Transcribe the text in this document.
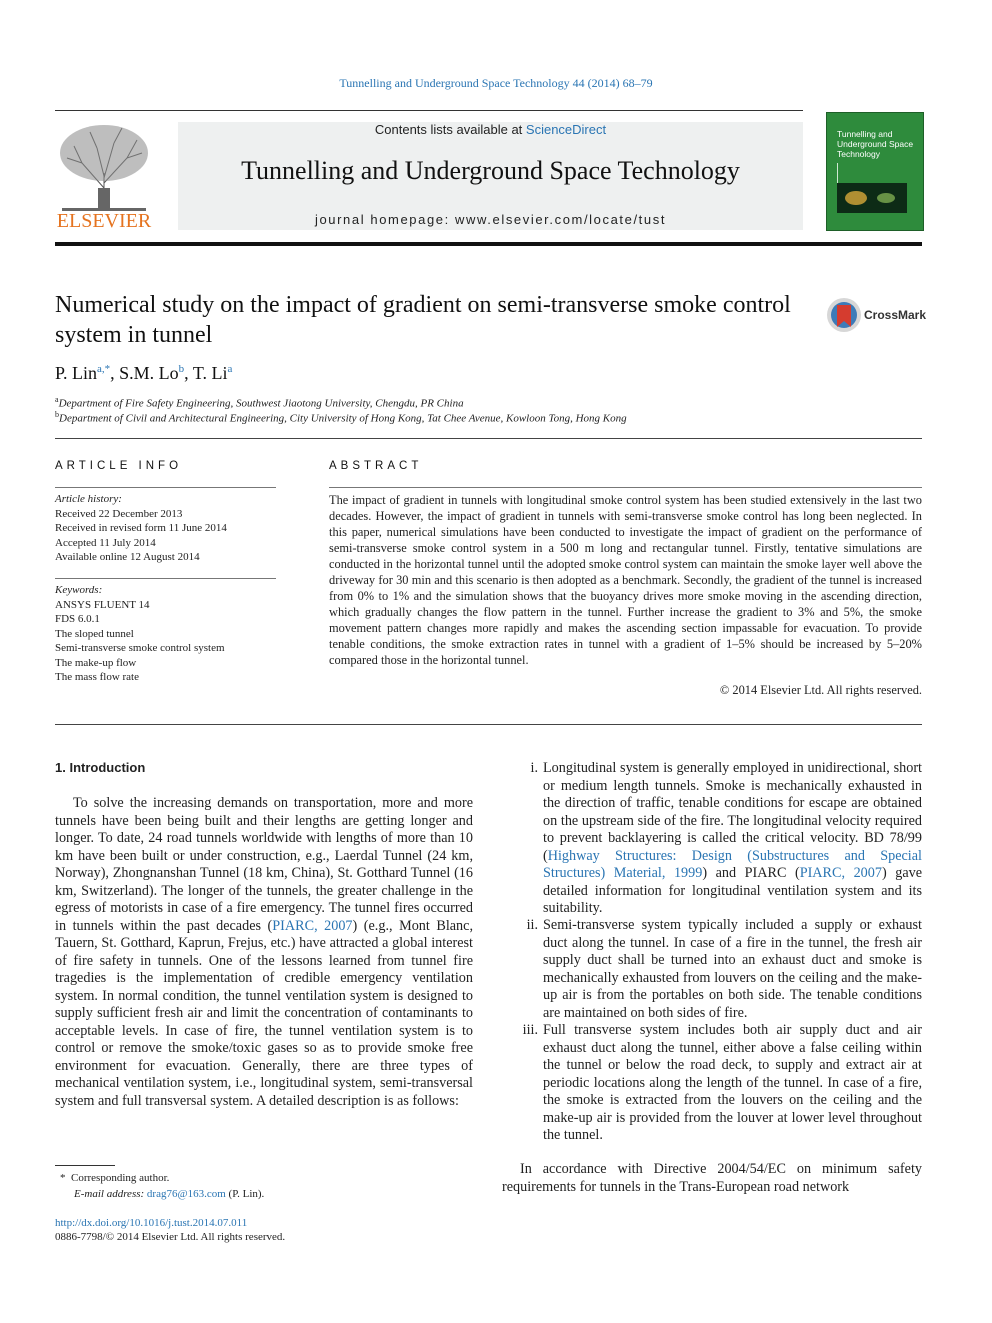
Tunnelling and Underground Space Technology 44 (2014) 68–79
ELSEVIER
Contents lists available at ScienceDirect
Tunnelling and Underground Space Technology
journal homepage: www.elsevier.com/locate/tust
Tunnelling and Underground Space Technology
Numerical study on the impact of gradient on semi-transverse smoke control system in tunnel
CrossMark
P. Lin$^{a,*}$, S.M. Lo$^b$, T. Li$^a$
$^a$Department of Fire Safety Engineering, Southwest Jiaotong University, Chengdu, PR China
$^b$Department of Civil and Architectural Engineering, City University of Hong Kong, Tat Chee Avenue, Kowloon Tong, Hong Kong
ARTICLE INFO
Article history:
Received 22 December 2013
Received in revised form 11 June 2014
Accepted 11 July 2014
Available online 12 August 2014
Keywords:
ANSYS FLUENT 14
FDS 6.0.1
The sloped tunnel
Semi-transverse smoke control system
The make-up flow
The mass flow rate
ABSTRACT
The impact of gradient in tunnels with longitudinal smoke control system has been studied extensively in the last two decades. However, the impact of gradient in tunnels with semi-transverse smoke control has long been neglected. In this paper, numerical simulations have been conducted to investigate the impact of gradient on the performance of semi-transverse smoke control system in a 500 m long and rectangular tunnel. Firstly, tentative simulations are conducted in the horizontal tunnel until the adopted smoke control system can maintain the smoke layer well above the driveway for 30 min and this scenario is then adopted as a benchmark. Secondly, the gradient of the tunnel is increased from 0% to 1% and the simulation shows that the buoyancy drives more smoke moving in the ascending direction, which gradually changes the flow pattern in the tunnel. Further increase the gradient to 3% and 5%, the smoke movement pattern changes more rapidly and makes the ascending section impassable for evacuation. To provide tenable conditions, the smoke extraction rates in tunnel with a gradient of 1–5% should be increased by 5–20% compared those in the horizontal tunnel.
© 2014 Elsevier Ltd. All rights reserved.
1. Introduction
To solve the increasing demands on transportation, more and more tunnels have been being built and their lengths are getting longer and longer. To date, 24 road tunnels worldwide with lengths of more than 10 km have been built or under construction, e.g., Laerdal Tunnel (24 km, Norway), Zhongnanshan Tunnel (18 km, China), St. Gotthard Tunnel (16 km, Switzerland). The longer of the tunnels, the greater challenge in the egress of motorists in case of a fire emergency. The tunnel fires occurred in tunnels within the past decades (PIARC, 2007) (e.g., Mont Blanc, Tauern, St. Gotthard, Kaprun, Frejus, etc.) have attracted a global interest of fire safety in tunnels. One of the lessons learned from tunnel fire tragedies is the implementation of credible emergency ventilation system. In normal condition, the tunnel ventilation system is designed to supply sufficient fresh air and limit the concentration of contaminants to acceptable levels. In case of fire, the tunnel ventilation system is to control or remove the smoke/toxic gases so as to provide smoke free environment for evacuation. Generally, there are three types of mechanical ventilation system, i.e., longitudinal system, semi-transversal system and full transversal system. A detailed description is as follows:
i. Longitudinal system is generally employed in unidirectional, short or medium length tunnels. Smoke is mechanically exhausted in the direction of traffic, tenable conditions for escape are obtained on the upstream side of the fire. The longitudinal velocity required to prevent backlayering is called the critical velocity. BD 78/99 (Highway Structures: Design (Substructures and Special Structures) Material, 1999) and PIARC (PIARC, 2007) gave detailed information for longitudinal ventilation system and its suitability.
ii. Semi-transverse system typically included a supply or exhaust duct along the tunnel. In case of a fire in the tunnel, the fresh air supply duct shall be turned into an exhaust duct and smoke is mechanically exhausted from louvers on the ceiling and the make-up air is from the portables on both side. The tenable conditions are maintained on both sides of fire.
iii. Full transverse system includes both air supply duct and air exhaust duct along the tunnel, either above a false ceiling within the tunnel or below the road deck, to supply and extract air at periodic locations along the length of the tunnel. In case of a fire, the smoke is extracted from the louvers on the ceiling and the make-up air is provided from the louver at lower level throughout the tunnel.
In accordance with Directive 2004/54/EC on minimum safety requirements for tunnels in the Trans-European road network
* Corresponding author.
E-mail address: drag76@163.com (P. Lin).
http://dx.doi.org/10.1016/j.tust.2014.07.011
0886-7798/© 2014 Elsevier Ltd. All rights reserved.
